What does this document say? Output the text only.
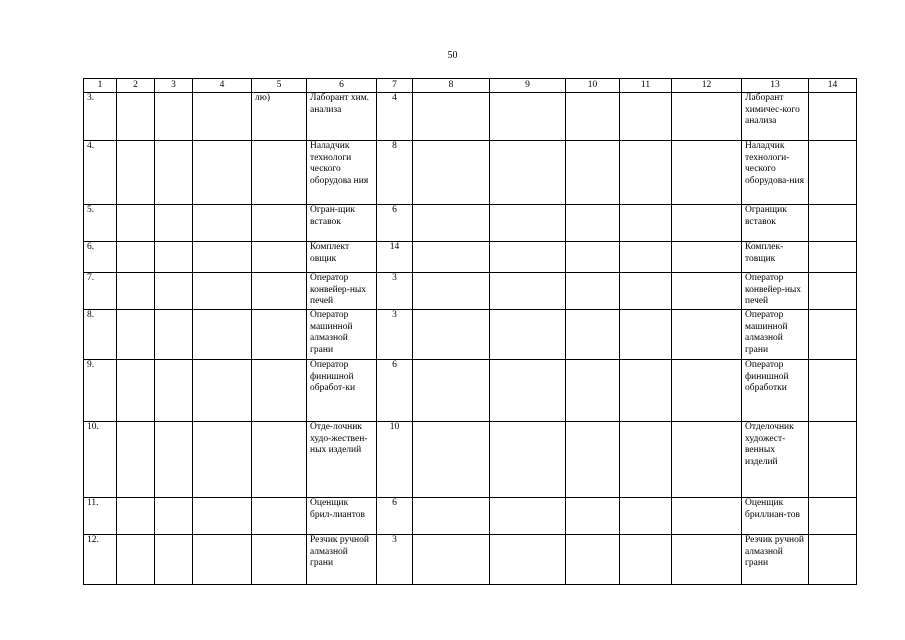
50
1	2	3	4	5	6	7	8	9	10	11	12	13	14
3.				лю)	Лаборант хим. анализа	4						Лаборант химичес-кого анализа	
4.					Наладчик технологи ческого оборудова ния	8						Наладчик технологи-ческого оборудова-ния	
5.					Огран-щик вставок	6						Огранщик вставок	
6.					Комплект овщик	14						Комплек-товщик	
7.					Оператор конвейер-ных печей	3						Оператор конвейер-ных печей	
8.					Оператор машинной алмазной грани	3						Оператор машинной алмазной грани	
9.					Оператор финишной обработ-ки	6						Оператор финишной обработки	
10.					Отде-лочник худо-жествен-ных изделий	10						Отделочник художест-венных изделий	
11.					Оценщик брил-лиантов	6						Оценщик бриллиан-тов	
12.					Резчик ручной алмазной грани	3						Резчик ручной алмазной грани	
